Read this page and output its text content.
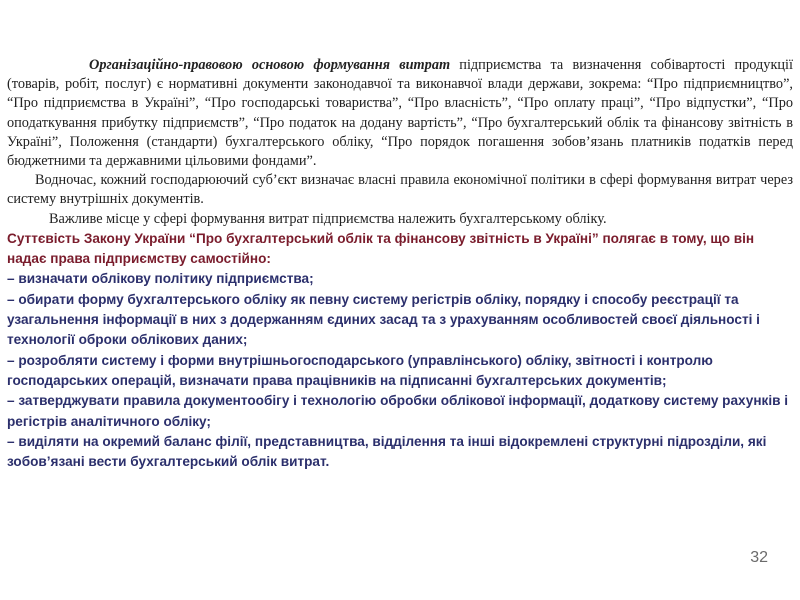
Організаційно-правовою основою формування витрат підприємства та визначення собівартості продукції (товарів, робіт, послуг) є нормативні документи законодавчої та виконавчої влади держави, зокрема: “Про підприємництво”, “Про підприємства в Україні”, “Про господарські товариства”, “Про власність”, “Про оплату праці”, “Про відпустки”, “Про оподаткування прибутку підприємств”, “Про податок на додану вартість”, “Про бухгалтерський облік та фінансову звітність в Україні”, Положення (стандарти) бухгалтерського обліку, “Про порядок погашення зобов’язань платників податків перед бюджетними та державними цільовими фондами”.

Водночас, кожний господарюючий суб’єкт визначає власні правила економічної політики в сфері формування витрат через систему внутрішніх документів.

Важливе місце у сфері формування витрат підприємства належить бухгалтерському обліку.

Суттєвість Закону України “Про бухгалтерський облік та фінансову звітність в Україні” полягає в тому, що він надає права підприємству самостійно:

– визначати облікову політику підприємства;

– обирати форму бухгалтерського обліку як певну систему регістрів обліку, порядку і способу реєстрації та узагальнення інформації в них з додержанням єдиних засад та з урахуванням особливостей своєї діяльності і технології оброки облікових даних;

– розробляти систему і форми внутрішньогосподарського (управлінського) обліку, звітності і контролю господарських операцій, визначати права працівників на підписанні бухгалтерських документів;

– затверджувати правила документообігу і технологію обробки облікової інформації, додаткову систему рахунків і регістрів аналітичного обліку;

– виділяти на окремий баланс філії, представництва, відділення та інші відокремлені структурні підрозділи, які зобов’язані вести бухгалтерський облік витрат.

32
